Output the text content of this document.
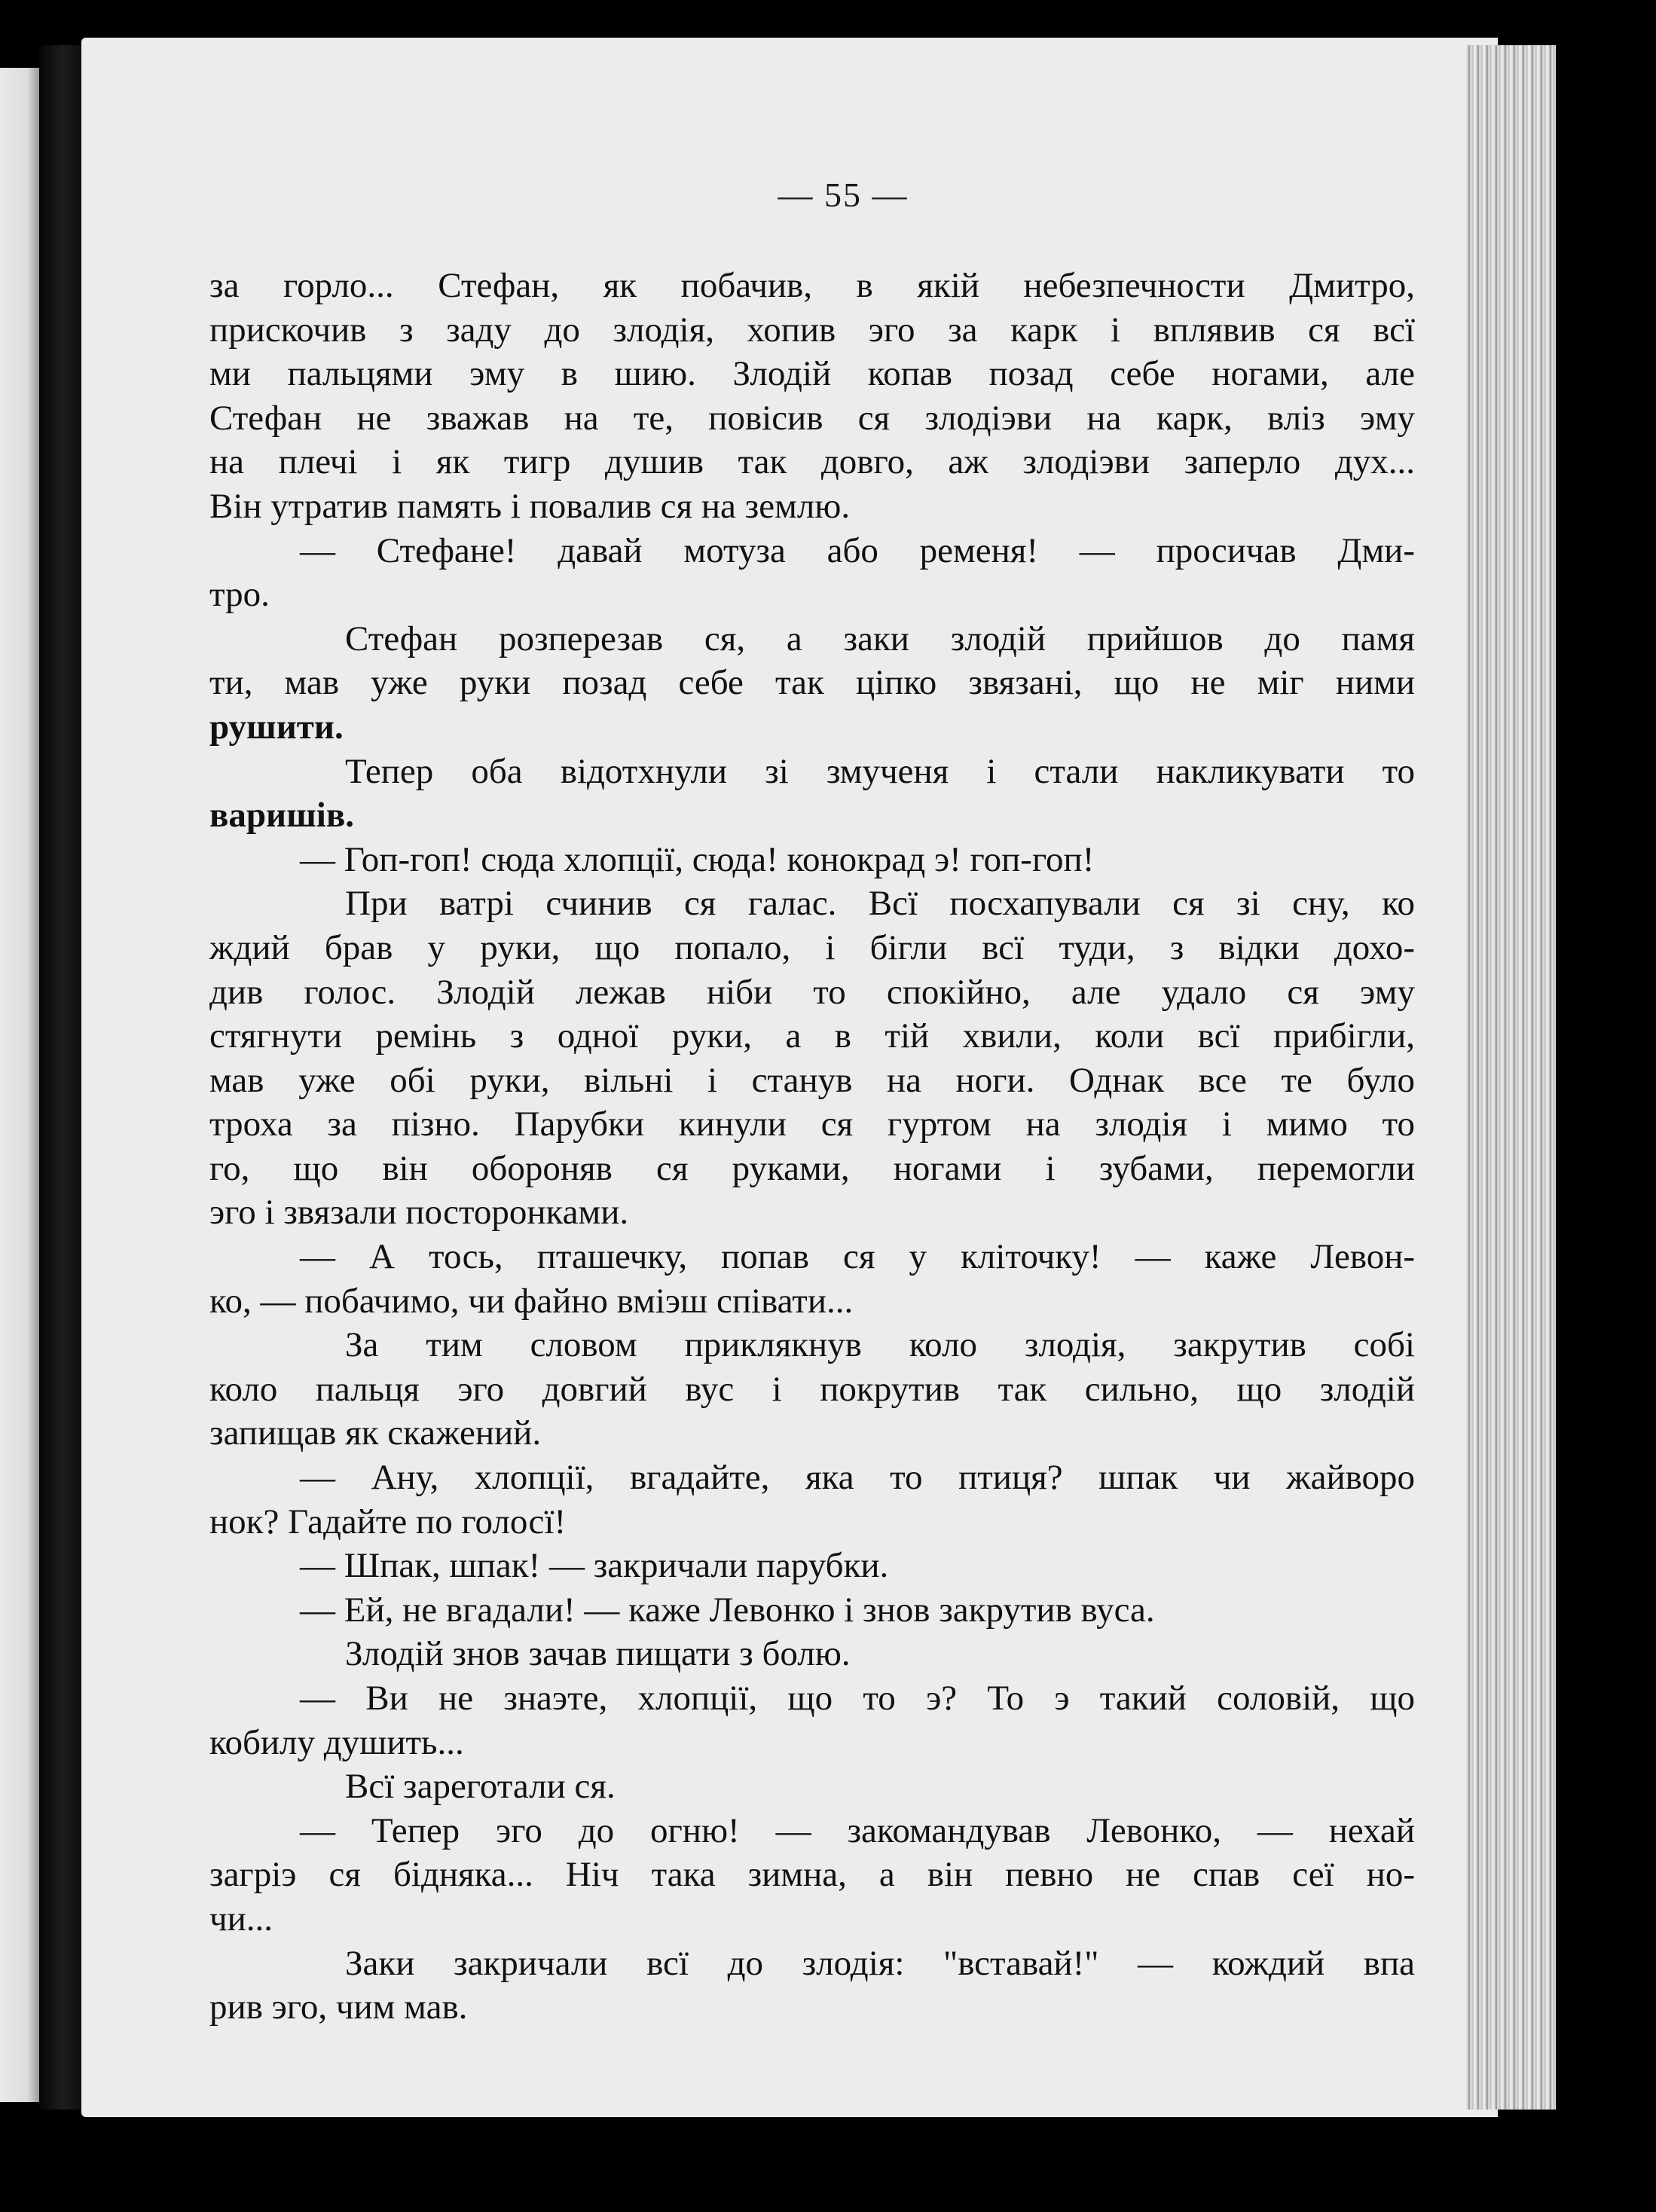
— 55 —
за горло... Стефан, як побачив, в якій небезпечности Дмитро,
прискочив з заду до злодія, хопив эго за карк і вплявив ся всї
ми пальцями эму в шию. Злодій копав позад себе ногами, але
Стефан не зважав на те, повісив ся злодіэви на карк, вліз эму
на плечі і як тигр душив так довго, аж злодіэви заперло дух...
Він утратив память і повалив ся на землю.
— Стефане! давай мотуза або ременя! — просичав Дми-
тро.
Стефан розперезав ся, а заки злодій прийшов до памя
ти, мав уже руки позад себе так ціпко звязані, що не міг ними
рушити.
Тепер оба відотхнули зі змученя і стали накликувати то
варишів.
— Гоп-гоп! сюда хлопції, сюда! конокрад э! гоп-гоп!
При ватрі счинив ся галас. Всї посхапували ся зі сну, ко
ждий брав у руки, що попало, і бігли всї туди, з відки дохо-
див голос. Злодій лежав ніби то спокійно, але удало ся эму
стягнути ремінь з одної руки, а в тій хвили, коли всї прибігли,
мав уже обі руки, вільні і станув на ноги. Однак все те було
троха за пізно. Парубки кинули ся гуртом на злодія і мимо то
го, що він обороняв ся руками, ногами і зубами, перемогли
эго і звязали посторонками.
— А тось, пташечку, попав ся у кліточку! — каже Левон-
ко, — побачимо, чи файно вміэш співати...
За тим словом приклякнув коло злодія, закрутив собі
коло пальця эго довгий вус і покрутив так сильно, що злодій
запищав як скажений.
— Ану, хлопції, вгадайте, яка то птиця? шпак чи жайворо
нок? Гадайте по голосї!
— Шпак, шпак! — закричали парубки.
— Ей, не вгадали! — каже Левонко і знов закрутив вуса.
Злодій знов зачав пищати з болю.
— Ви не знаэте, хлопції, що то э? То э такий соловій, що
кобилу душить...
Всї зареготали ся.
— Тепер эго до огню! — закомандував Левонко, — нехай
загріэ ся бідняка... Ніч така зимна, а він певно не спав сеї но-
чи...
Заки закричали всї до злодія: "вставай!" — кождий впа
рив эго, чим мав.
